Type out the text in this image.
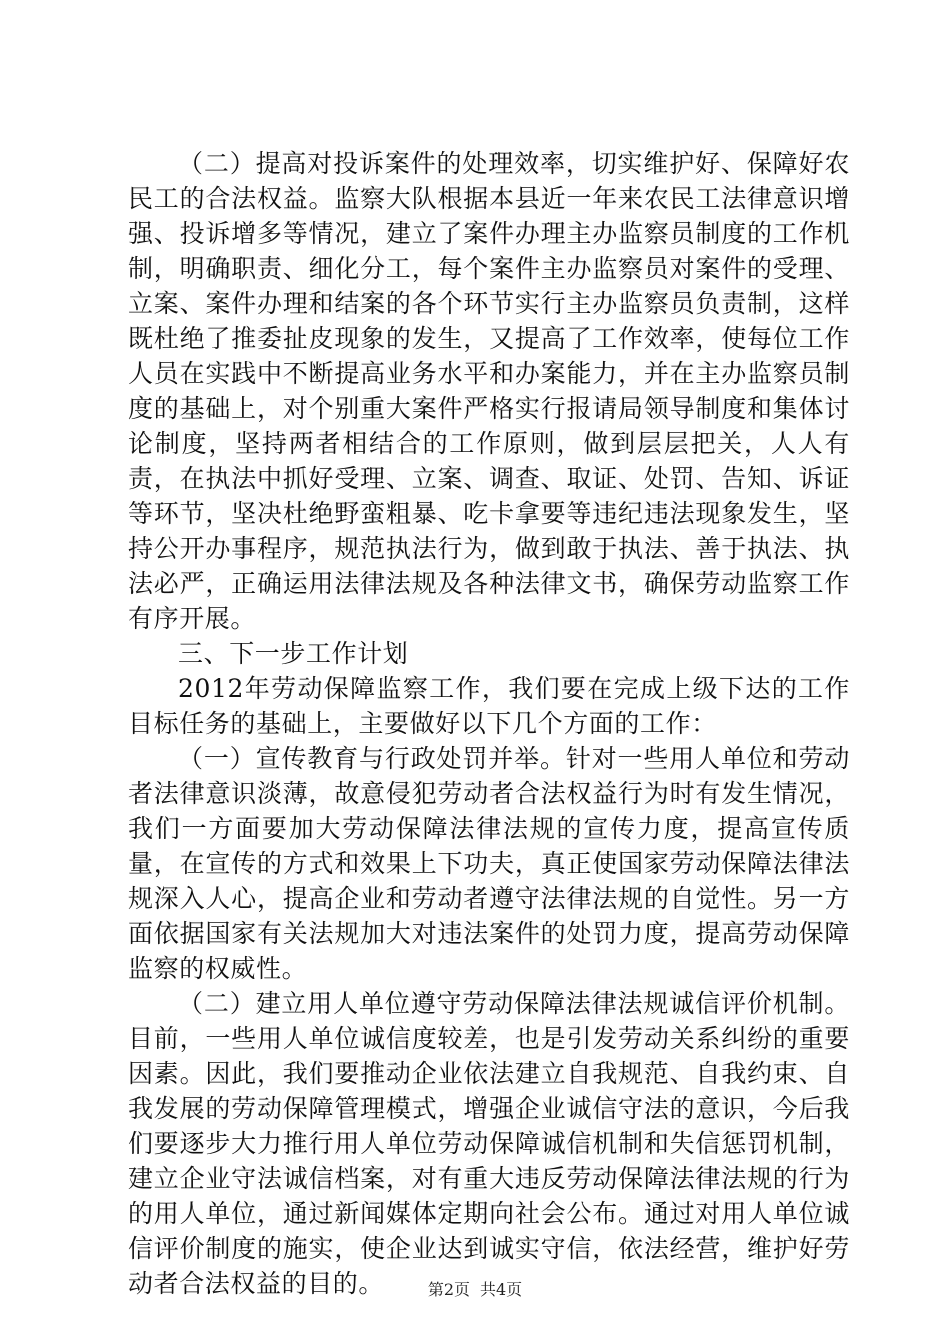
（二）提高对投诉案件的处理效率，切实维护好、保障好农民工的合法权益。监察大队根据本县近一年来农民工法律意识增强、投诉增多等情况，建立了案件办理主办监察员制度的工作机制，明确职责、细化分工，每个案件主办监察员对案件的受理、立案、案件办理和结案的各个环节实行主办监察员负责制，这样既杜绝了推委扯皮现象的发生，又提高了工作效率，使每位工作人员在实践中不断提高业务水平和办案能力，并在主办监察员制度的基础上，对个别重大案件严格实行报请局领导制度和集体讨论制度，坚持两者相结合的工作原则，做到层层把关，人人有责，在执法中抓好受理、立案、调查、取证、处罚、告知、诉证等环节，坚决杜绝野蛮粗暴、吃卡拿要等违纪违法现象发生，坚持公开办事程序，规范执法行为，做到敢于执法、善于执法、执法必严，正确运用法律法规及各种法律文书，确保劳动监察工作有序开展。

三、下一步工作计划

2012年劳动保障监察工作，我们要在完成上级下达的工作目标任务的基础上，主要做好以下几个方面的工作：

（一）宣传教育与行政处罚并举。针对一些用人单位和劳动者法律意识淡薄，故意侵犯劳动者合法权益行为时有发生情况，我们一方面要加大劳动保障法律法规的宣传力度，提高宣传质量，在宣传的方式和效果上下功夫，真正使国家劳动保障法律法规深入人心，提高企业和劳动者遵守法律法规的自觉性。另一方面依据国家有关法规加大对违法案件的处罚力度，提高劳动保障监察的权威性。

（二）建立用人单位遵守劳动保障法律法规诚信评价机制。目前，一些用人单位诚信度较差，也是引发劳动关系纠纷的重要因素。因此，我们要推动企业依法建立自我规范、自我约束、自我发展的劳动保障管理模式，增强企业诚信守法的意识，今后我们要逐步大力推行用人单位劳动保障诚信机制和失信惩罚机制，建立企业守法诚信档案，对有重大违反劳动保障法律法规的行为的用人单位，通过新闻媒体定期向社会公布。通过对用人单位诚信评价制度的施实，使企业达到诚实守信，依法经营，维护好劳动者合法权益的目的。	第2页 共4页
